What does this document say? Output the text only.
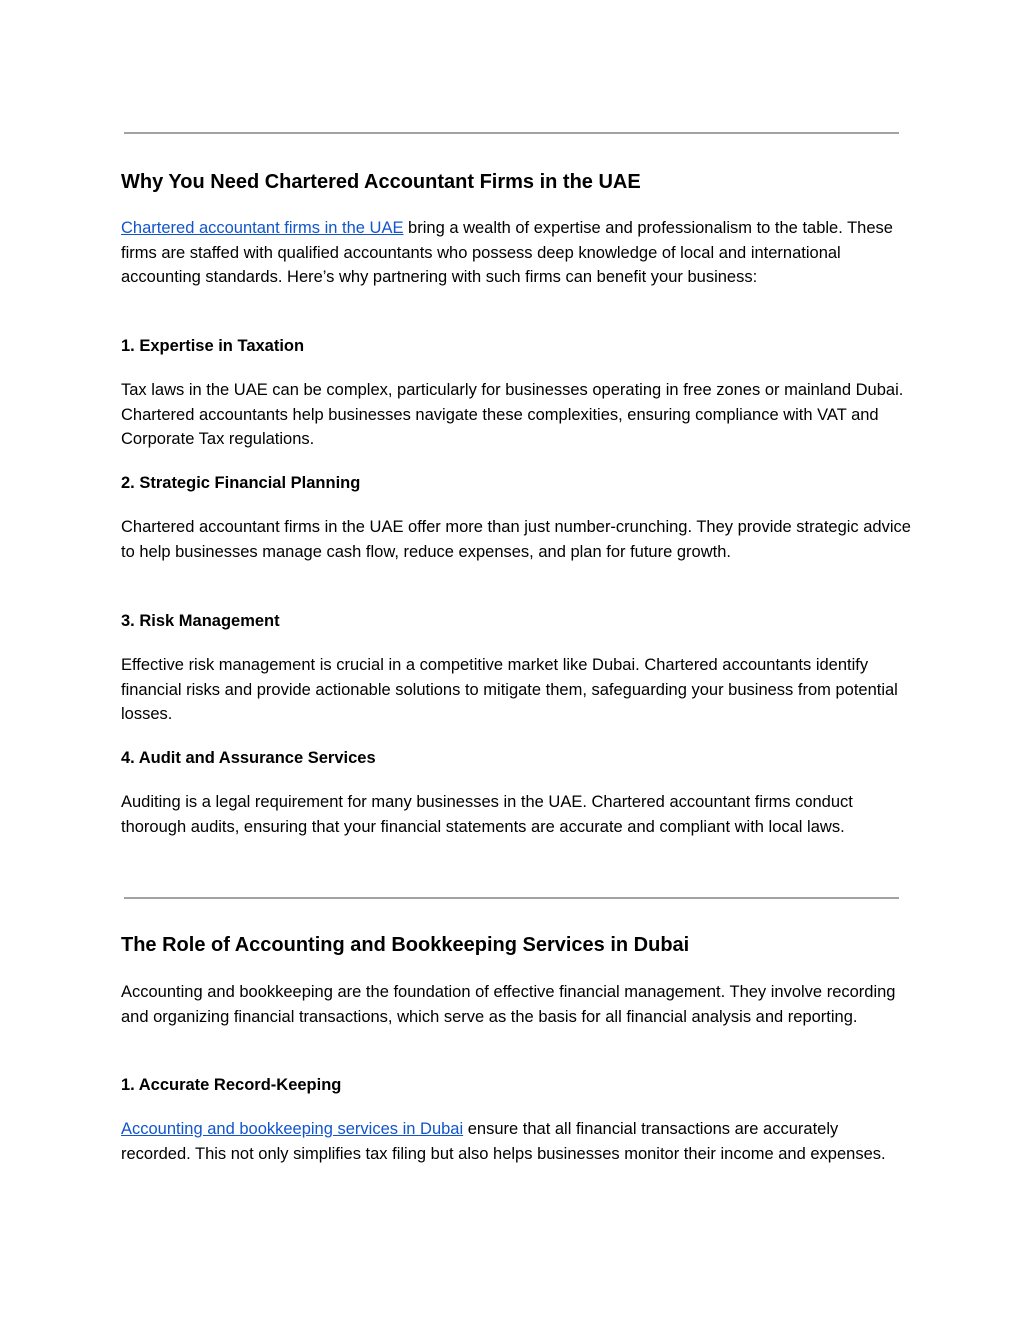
Why You Need Chartered Accountant Firms in the UAE

Chartered accountant firms in the UAE bring a wealth of expertise and professionalism to the table. These firms are staffed with qualified accountants who possess deep knowledge of local and international accounting standards. Here’s why partnering with such firms can benefit your business:

1. Expertise in Taxation

Tax laws in the UAE can be complex, particularly for businesses operating in free zones or mainland Dubai. Chartered accountants help businesses navigate these complexities, ensuring compliance with VAT and Corporate Tax regulations.

2. Strategic Financial Planning

Chartered accountant firms in the UAE offer more than just number-crunching. They provide strategic advice to help businesses manage cash flow, reduce expenses, and plan for future growth.

3. Risk Management

Effective risk management is crucial in a competitive market like Dubai. Chartered accountants identify financial risks and provide actionable solutions to mitigate them, safeguarding your business from potential losses.

4. Audit and Assurance Services

Auditing is a legal requirement for many businesses in the UAE. Chartered accountant firms conduct thorough audits, ensuring that your financial statements are accurate and compliant with local laws.

The Role of Accounting and Bookkeeping Services in Dubai

Accounting and bookkeeping are the foundation of effective financial management. They involve recording and organizing financial transactions, which serve as the basis for all financial analysis and reporting.

1. Accurate Record-Keeping

Accounting and bookkeeping services in Dubai ensure that all financial transactions are accurately recorded. This not only simplifies tax filing but also helps businesses monitor their income and expenses.
